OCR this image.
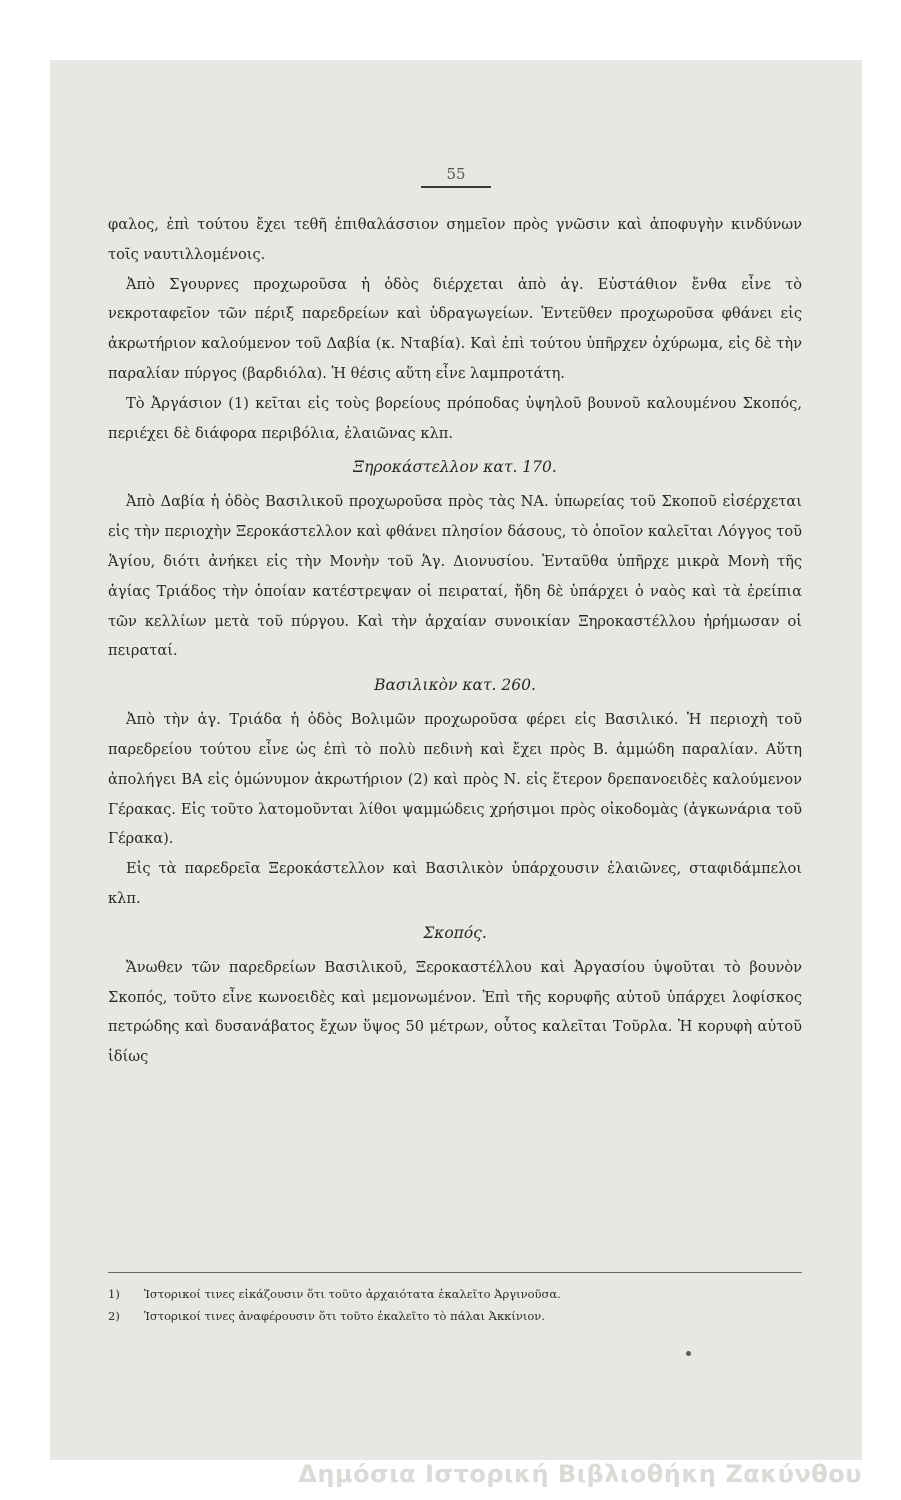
55

φαλος, ἐπὶ τούτου ἔχει τεθῆ ἐπιθαλάσσιον σημεῖον πρὸς γνῶσιν καὶ ἀποφυγὴν κινδύνων τοῖς ναυτιλλομένοις.

Ἀπὸ Σγουρνες προχωροῦσα ἡ ὁδὸς διέρχεται ἀπὸ ἁγ. Εὐστάθιον ἔνθα εἶνε τὸ νεκροταφεῖον τῶν πέριξ παρεδρείων καὶ ὑδραγωγείων. Ἐντεῦθεν προχωροῦσα φθάνει εἰς ἀκρωτήριον καλούμενον τοῦ Δαβία (κ. Νταβία). Καὶ ἐπὶ τούτου ὑπῆρχεν ὀχύρωμα, εἰς δὲ τὴν παραλίαν πύργος (βαρδιόλα). Ἡ θέσις αὕτη εἶνε λαμπροτάτη.

Τὸ Ἀργάσιον (1) κεῖται εἰς τοὺς βορείους πρόποδας ὑψηλοῦ βουνοῦ καλουμένου Σκοπός, περιέχει δὲ διάφορα περιβόλια, ἐλαιῶνας κλπ.

Ξηροκάστελλον κατ. 170.

Ἀπὸ Δαβία ἡ ὁδὸς Βασιλικοῦ προχωροῦσα πρὸς τὰς ΝΑ. ὑπωρείας τοῦ Σκοποῦ εἰσέρχεται εἰς τὴν περιοχὴν Ξεροκάστελλον καὶ φθάνει πλησίον δάσους, τὸ ὁποῖον καλεῖται Λόγγος τοῦ Ἁγίου, διότι ἀνήκει εἰς τὴν Μονὴν τοῦ Ἁγ. Διονυσίου. Ἐνταῦθα ὑπῆρχε μικρὰ Μονὴ τῆς ἁγίας Τριάδος τὴν ὁποίαν κατέστρεψαν οἱ πειραταί, ἤδη δὲ ὑπάρχει ὁ ναὸς καὶ τὰ ἐρείπια τῶν κελλίων μετὰ τοῦ πύργου. Καὶ τὴν ἀρχαίαν συνοικίαν Ξηροκαστέλλου ἠρήμωσαν οἱ πειραταί.

Βασιλικὸν κατ. 260.

Ἀπὸ τὴν ἁγ. Τριάδα ἡ ὁδὸς Βολιμῶν προχωροῦσα φέρει εἰς Βασιλικό. Ἡ περιοχὴ τοῦ παρεδρείου τούτου εἶνε ὡς ἐπὶ τὸ πολὺ πεδινὴ καὶ ἔχει πρὸς Β. ἀμμώδη παραλίαν. Αὕτη ἀπολήγει ΒΑ εἰς ὁμώνυμον ἀκρωτήριον (2) καὶ πρὸς Ν. εἰς ἕτερον δρεπανοειδὲς καλούμενον Γέρακας. Εἰς τοῦτο λατομοῦνται λίθοι ψαμμώδεις χρήσιμοι πρὸς οἰκοδομὰς (ἀγκωνάρια τοῦ Γέρακα).

Εἰς τὰ παρεδρεῖα Ξεροκάστελλον καὶ Βασιλικὸν ὑπάρχουσιν ἐλαιῶνες, σταφιδάμπελοι κλπ.

Σκοπός.

Ἄνωθεν τῶν παρεδρείων Βασιλικοῦ, Ξεροκαστέλλου καὶ Ἀργασίου ὑψοῦται τὸ βουνὸν Σκοπός, τοῦτο εἶνε κωνοειδὲς καὶ μεμονωμένον. Ἐπὶ τῆς κορυφῆς αὐτοῦ ὑπάρχει λοφίσκος πετρώδης καὶ δυσανάβατος ἔχων ὕψος 50 μέτρων, οὗτος καλεῖται Τοῦρλα. Ἡ κορυφὴ αὐτοῦ ἰδίως

1)	Ἱστορικοί τινες εἰκάζουσιν ὅτι τοῦτο ἀρχαιότατα ἐκαλεῖτο Ἀργινοῦσα.
2)	Ἱστορικοί τινες ἀναφέρουσιν ὅτι τοῦτο ἐκαλεῖτο τὸ πάλαι Ἀκκίνιον.
Δημόσια Ιστορική Βιβλιοθήκη Ζακύνθου
